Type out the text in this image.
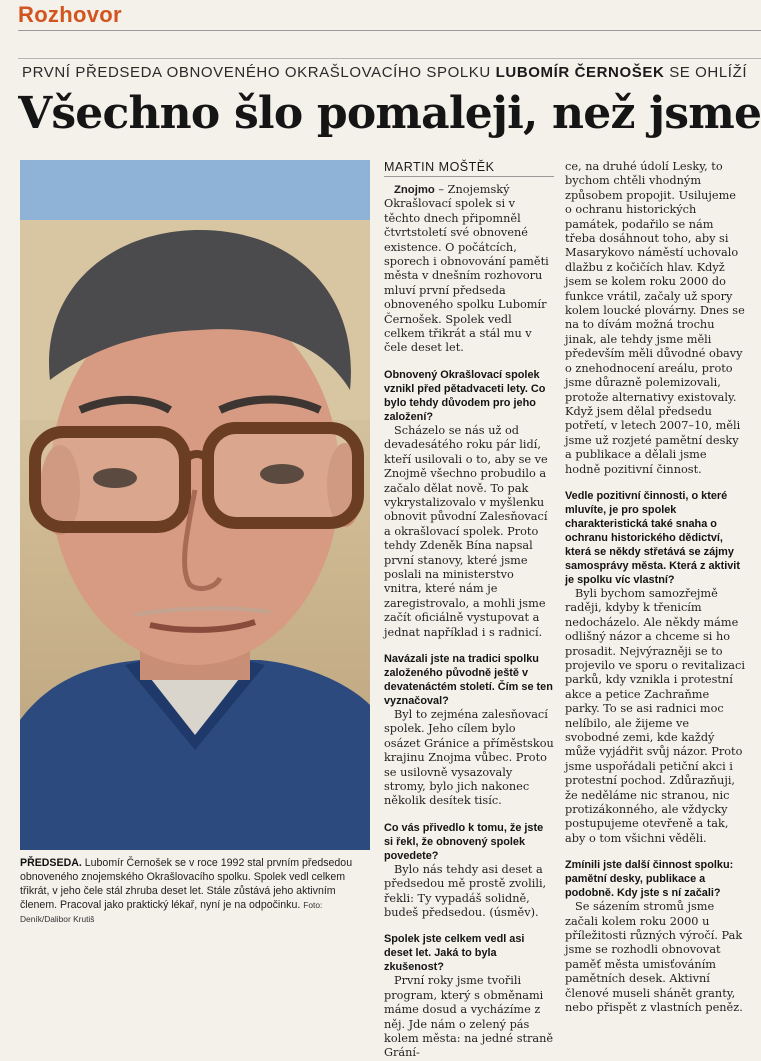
Rozhovor
PRVNÍ PŘEDSEDA OBNOVENÉHO OKRAŠLOVACÍHO SPOLKU LUBOMÍR ČERNOŠEK SE OHLÍŽÍ
Všechno šlo pomaleji, než jsme
PŘEDSEDA. Lubomír Černošek se v roce 1992 stal prvním předsedou obnoveného znojemského Okrašlovacího spolku. Spolek vedl celkem třikrát, v jeho čele stál zhruba deset let. Stále zůstává jeho aktivním členem. Pracoval jako praktický lékař, nyní je na odpočinku. Foto: Deník/Dalibor Krutiš
MARTIN MOŠTĚK

Znojmo – Znojemský Okrašlovací spolek si v těchto dnech připomněl čtvrtstoletí své obnovené existence. O počátcích, sporech i obnovování paměti města v dnešním rozhovoru mluví první předseda obnoveného spolku Lubomír Černošek. Spolek vedl celkem třikrát a stál mu v čele deset let.

Obnovený Okrašlovací spolek vznikl před pětadvaceti lety. Co bylo tehdy důvodem pro jeho založení?

Scházelo se nás už od devadesátého roku pár lidí, kteří usilovali o to, aby se ve Znojmě všechno probudilo a začalo dělat nově. To pak vykrystalizovalo v myšlenku obnovit původní Zalesňovací a okrašlovací spolek. Proto tehdy Zdeněk Bína napsal první stanovy, které jsme poslali na ministerstvo vnitra, které nám je zaregistrovalo, a mohli jsme začít oficiálně vystupovat a jednat například i s radnicí.

Navázali jste na tradici spolku založeného původně ještě v devatenáctém století. Čím se ten vyznačoval?

Byl to zejména zalesňovací spolek. Jeho cílem bylo osázet Gránice a příměstskou krajinu Znojma vůbec. Proto se usilovně vysazovaly stromy, bylo jich nakonec několik desítek tisíc.

Co vás přivedlo k tomu, že jste si řekl, že obnovený spolek povedete?

Bylo nás tehdy asi deset a předsedou mě prostě zvolili, řekli: Ty vypadáš solidně, budeš předsedou. (úsměv).

Spolek jste celkem vedl asi deset let. Jaká to byla zkušenost?

První roky jsme tvořili program, který s obměnami máme dosud a vycházíme z něj. Jde nám o zelený pás kolem města: na jedné straně Grání-

ce, na druhé údolí Lesky, to bychom chtěli vhodným způsobem propojit. Usilujeme o ochranu historických památek, podařilo se nám třeba dosáhnout toho, aby si Masarykovo náměstí uchovalo dlažbu z kočičích hlav. Když jsem se kolem roku 2000 do funkce vrátil, začaly už spory kolem loucké plovárny. Dnes se na to dívám možná trochu jinak, ale tehdy jsme měli především měli důvodné obavy o znehodnocení areálu, proto jsme důrazně polemizovali, protože alternativy existovaly. Když jsem dělal předsedu potřetí, v letech 2007–10, měli jsme už rozjeté pamětní desky a publikace a dělali jsme hodně pozitivní činnost.

Vedle pozitivní činnosti, o které mluvíte, je pro spolek charakteristická také snaha o ochranu historického dědictví, která se někdy střetává se zájmy samosprávy města. Která z aktivit je spolku víc vlastní?

Byli bychom samozřejmě raději, kdyby k třenicím nedocházelo. Ale někdy máme odlišný názor a chceme si ho prosadit. Nejvýrazněji se to projevilo ve sporu o revitalizaci parků, kdy vznikla i protestní akce a petice Zachraňme parky. To se asi radnici moc nelíbilo, ale žijeme ve svobodné zemi, kde každý může vyjádřit svůj názor. Proto jsme uspořádali petiční akci i protestní pochod. Zdůrazňuji, že neděláme nic stranou, nic protizákonného, ale vždycky postupujeme otevřeně a tak, aby o tom všichni věděli.

Zmínili jste další činnost spolku: pamětní desky, publikace a podobně. Kdy jste s ní začali?

Se sázením stromů jsme začali kolem roku 2000 u příležitosti různých výročí. Pak jsme se rozhodli obnovovat paměť města umisťováním pamětních desek. Aktivní členové museli shánět granty, nebo přispět z vlastních peněz.
